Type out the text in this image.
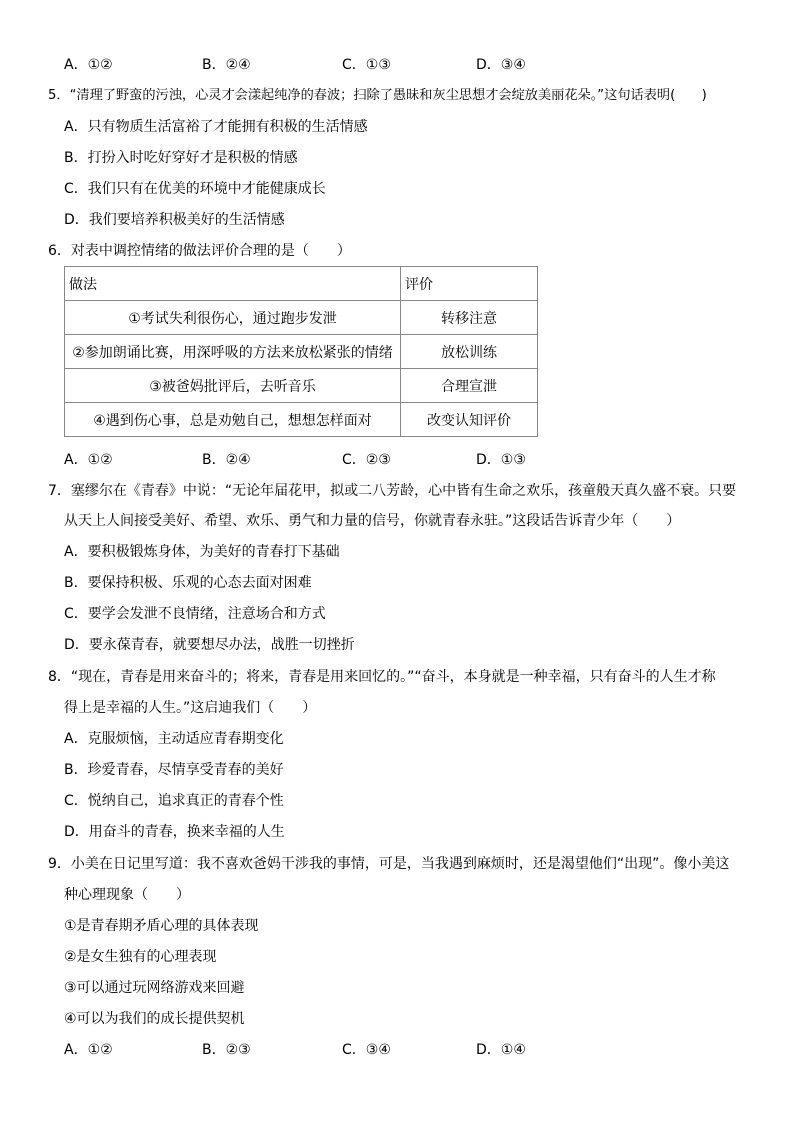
A．①②	B．②④	C．①③	D．③④
5．“清理了野蛮的污浊，心灵才会漾起纯净的春波；扫除了愚昧和灰尘思想才会绽放美丽花朵。”这句话表明(　　)
A．只有物质生活富裕了才能拥有积极的生活情感
B．打扮入时吃好穿好才是积极的情感
C．我们只有在优美的环境中才能健康成长
D．我们要培养积极美好的生活情感
6．对表中调控情绪的做法评价合理的是（　　）
做法	评价
①考试失利很伤心，通过跑步发泄	转移注意
②参加朗诵比赛，用深呼吸的方法来放松紧张的情绪	放松训练
③被爸妈批评后，去听音乐	合理宣泄
④遇到伤心事，总是劝勉自己，想想怎样面对	改变认知评价
A．①②	B．②④	C．②③	D．①③
7．塞缪尔在《青春》中说：“无论年届花甲，拟或二八芳龄，心中皆有生命之欢乐，孩童般天真久盛不衰。只要
从天上人间接受美好、希望、欢乐、勇气和力量的信号，你就青春永驻。”这段话告诉青少年（　　）
A．要积极锻炼身体，为美好的青春打下基础
B．要保持积极、乐观的心态去面对困难
C．要学会发泄不良情绪，注意场合和方式
D．要永葆青春，就要想尽办法，战胜一切挫折
8．“现在，青春是用来奋斗的；将来，青春是用来回忆的。”“奋斗，本身就是一种幸福，只有奋斗的人生才称
得上是幸福的人生。”这启迪我们（　　）
A．克服烦恼，主动适应青春期变化
B．珍爱青春，尽情享受青春的美好
C．悦纳自己，追求真正的青春个性
D．用奋斗的青春，换来幸福的人生
9．小美在日记里写道：我不喜欢爸妈干涉我的事情，可是，当我遇到麻烦时，还是渴望他们“出现”。像小美这
种心理现象（　　）
①是青春期矛盾心理的具体表现
②是女生独有的心理表现
③可以通过玩网络游戏来回避
④可以为我们的成长提供契机
A．①②	B．②③	C．③④	D．①④
